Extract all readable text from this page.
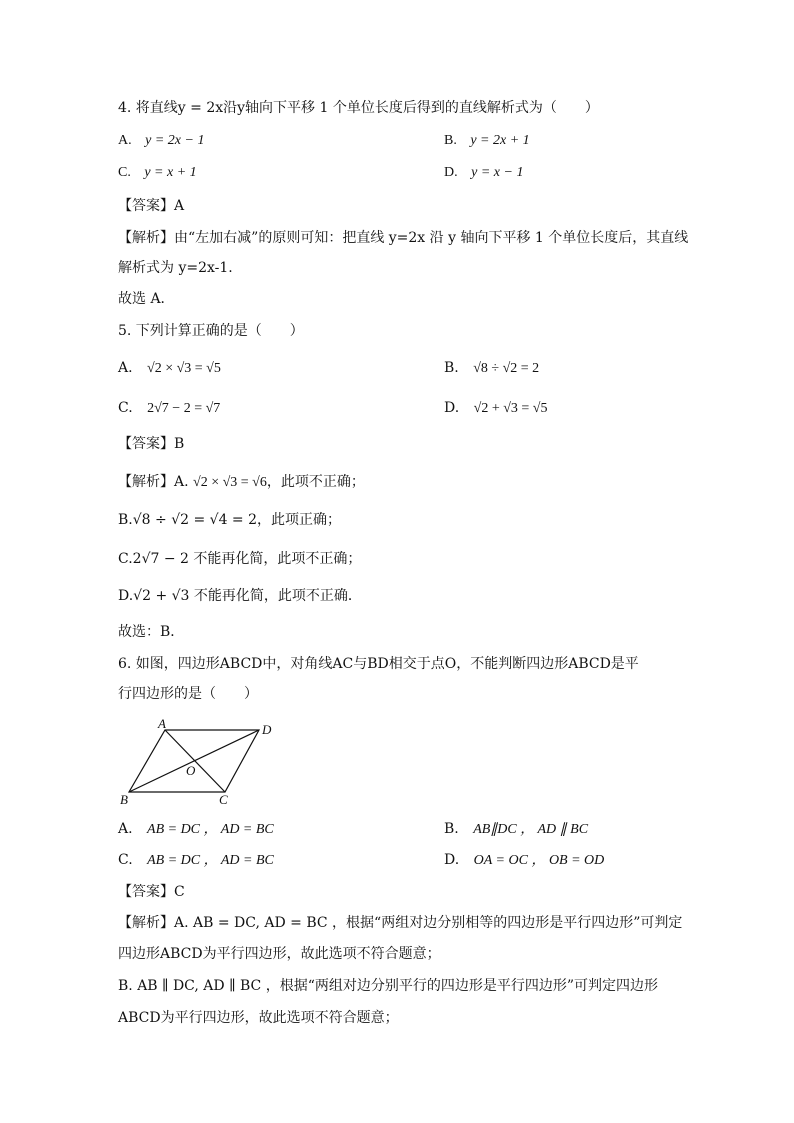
4. 将直线y = 2x沿y轴向下平移 1 个单位长度后得到的直线解析式为（　　）
A. y = 2x − 1	B. y = 2x + 1
C. y = x + 1	D. y = x − 1
【答案】A
【解析】由“左加右减”的原则可知：把直线 y=2x 沿 y 轴向下平移 1 个单位长度后，其直线
解析式为 y=2x-1.
故选 A．
5. 下列计算正确的是（　　）
A. √2 × √3 = √5	B. √8 ÷ √2 = 2
C. 2√7 − 2 = √7	D. √2 + √3 = √5
【答案】B
【解析】A. √2 × √3 = √6，此项不正确；
B.√8 ÷ √2 = √4 = 2，此项正确；
C.2√7 − 2 不能再化简，此项不正确；
D.√2 + √3 不能再化简，此项不正确．
故选：B．
6. 如图，四边形ABCD中，对角线AC与BD相交于点O，不能判断四边形ABCD是平
行四边形的是（　　）
A	D
B	C
O
A. AB = DC ， AD = BC	B. AB∥DC ， AD ∥ BC
C. AB = DC ， AD = BC	D. OA = OC ， OB = OD
【答案】C
【解析】A. AB = DC, AD = BC ，根据“两组对边分别相等的四边形是平行四边形”可判定
四边形ABCD为平行四边形，故此选项不符合题意；
B. AB ∥ DC, AD ∥ BC ，根据“两组对边分别平行的四边形是平行四边形”可判定四边形
ABCD为平行四边形，故此选项不符合题意；
